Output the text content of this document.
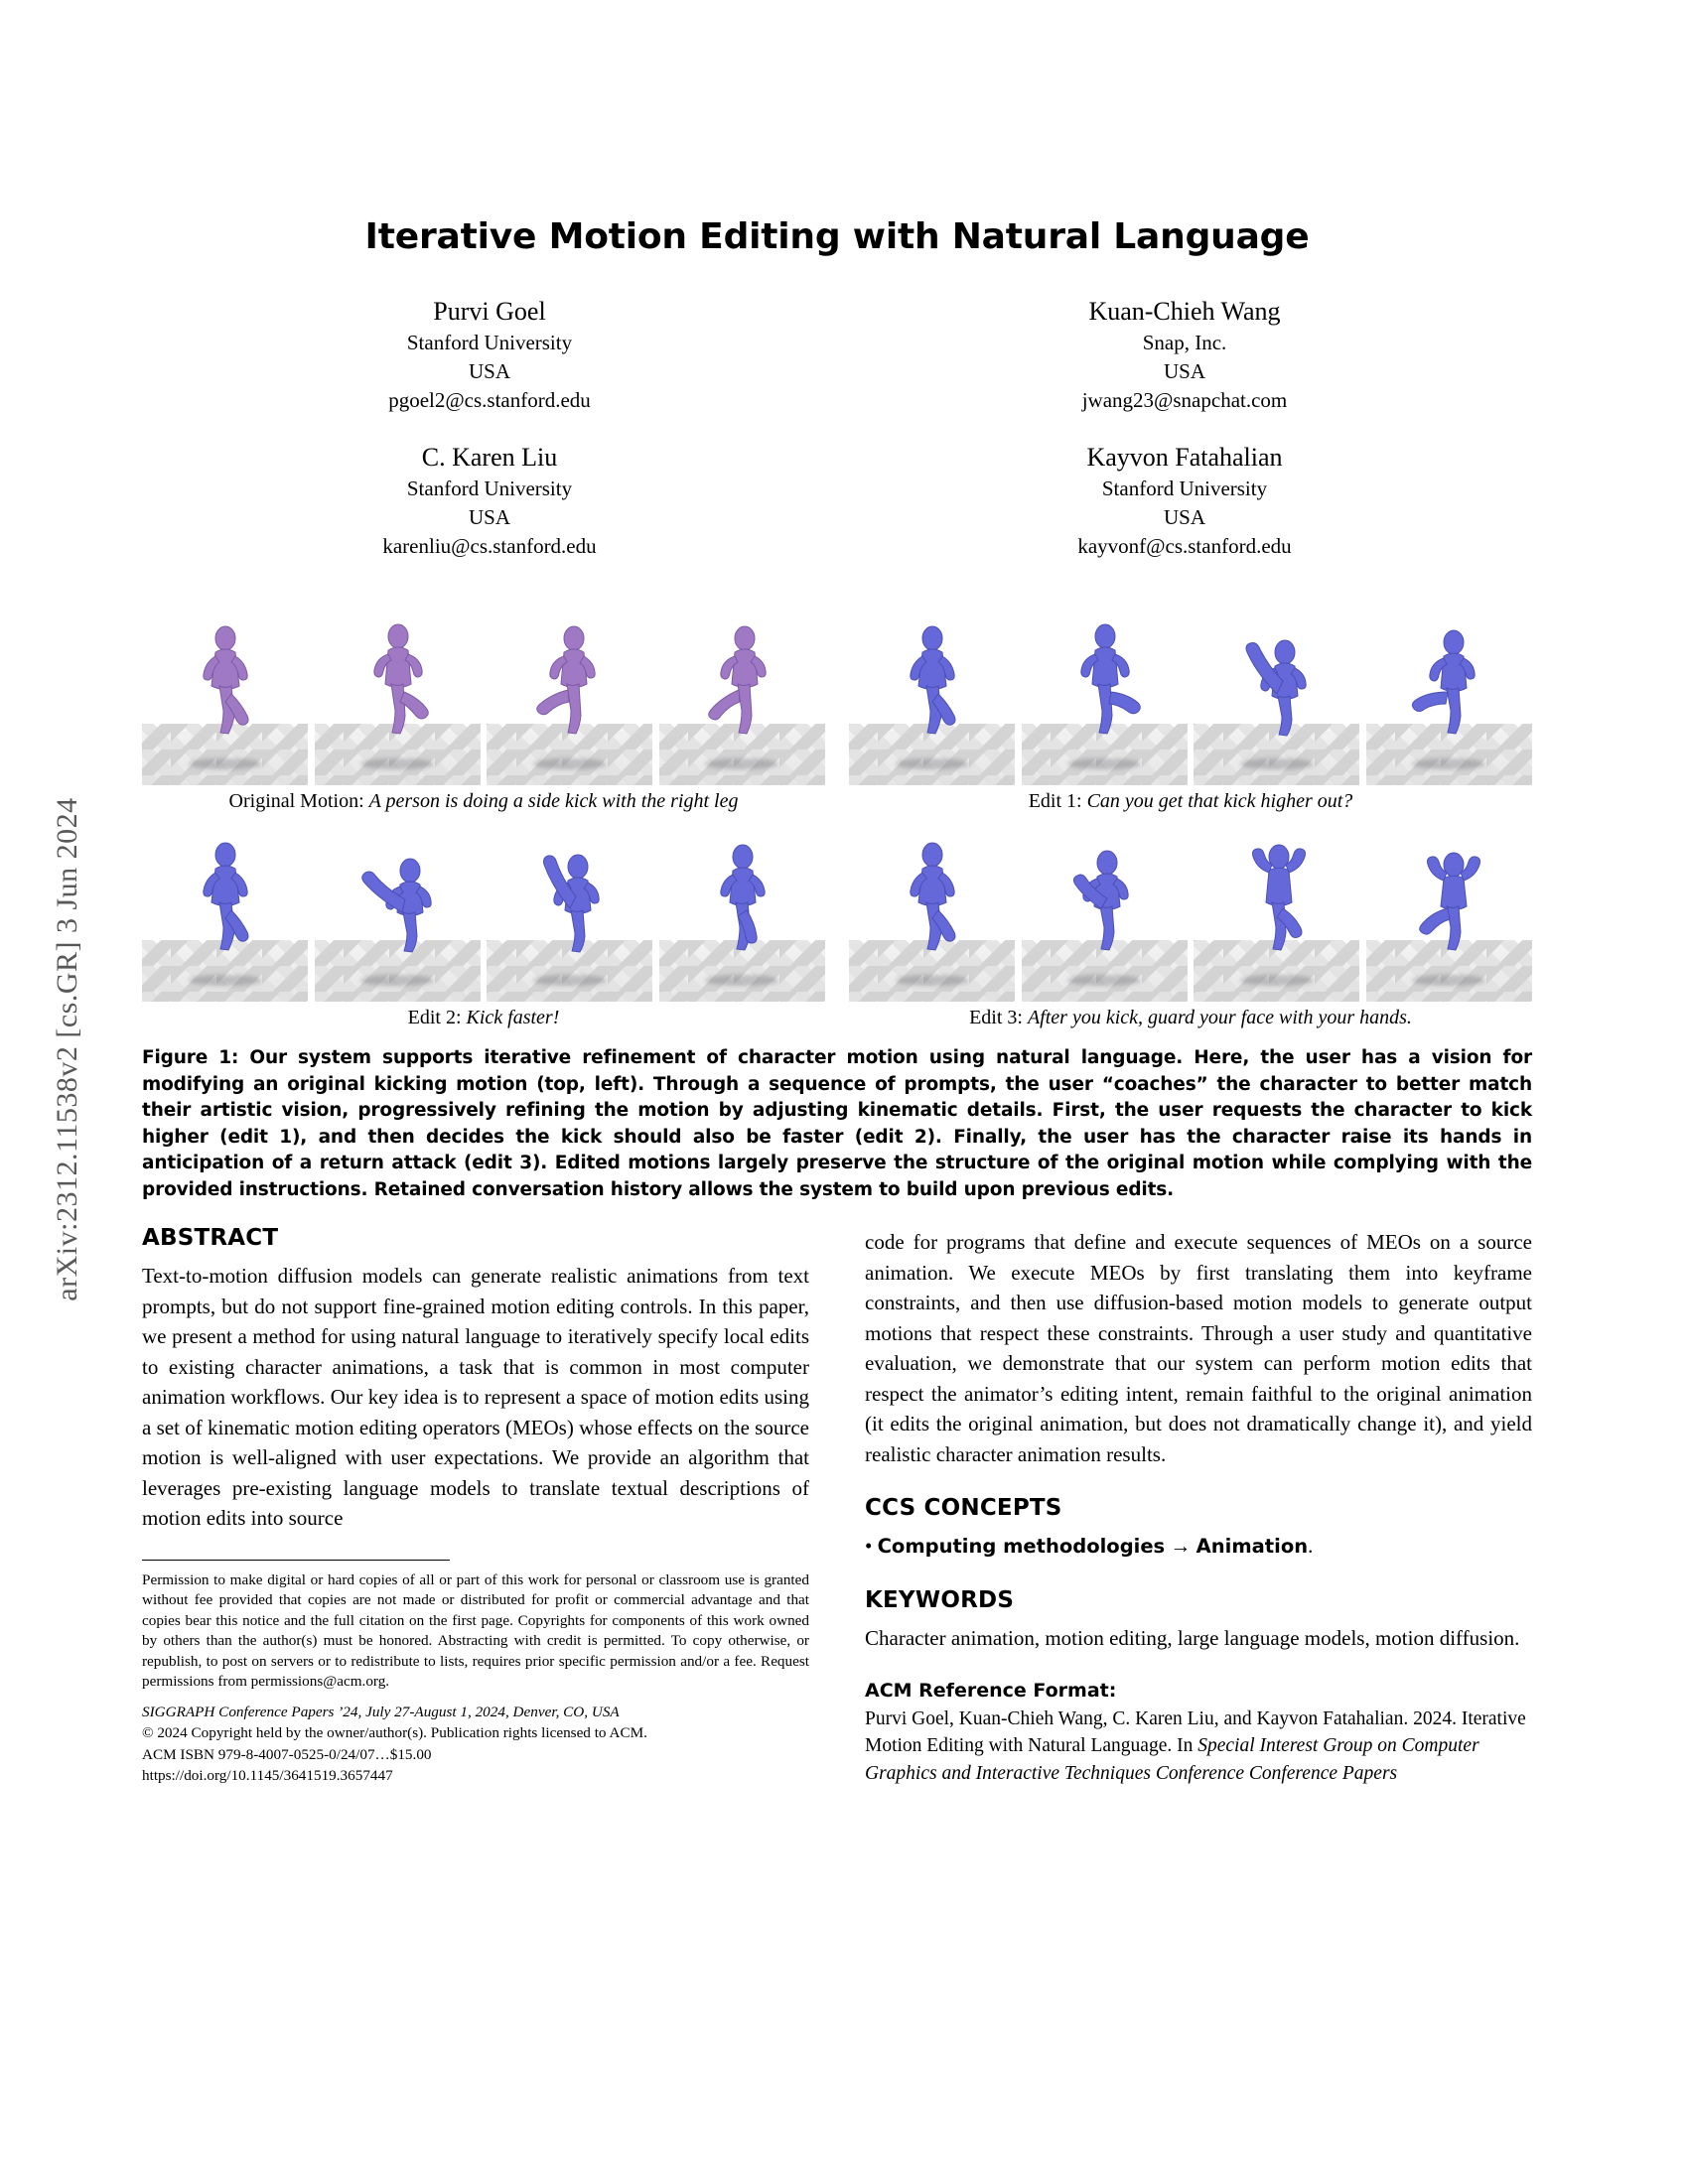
arXiv:2312.11538v2 [cs.GR] 3 Jun 2024
Iterative Motion Editing with Natural Language
Purvi Goel
Stanford University
USA
pgoel2@cs.stanford.edu
Kuan-Chieh Wang
Snap, Inc.
USA
jwang23@snapchat.com
C. Karen Liu
Stanford University
USA
karenliu@cs.stanford.edu
Kayvon Fatahalian
Stanford University
USA
kayvonf@cs.stanford.edu
Original Motion: A person is doing a side kick with the right leg	Edit 1: Can you get that kick higher out?
Edit 2: Kick faster!	Edit 3: After you kick, guard your face with your hands.
Figure 1: Our system supports iterative refinement of character motion using natural language. Here, the user has a vision for modifying an original kicking motion (top, left). Through a sequence of prompts, the user “coaches” the character to better match their artistic vision, progressively refining the motion by adjusting kinematic details. First, the user requests the character to kick higher (edit 1), and then decides the kick should also be faster (edit 2). Finally, the user has the character raise its hands in anticipation of a return attack (edit 3). Edited motions largely preserve the structure of the original motion while complying with the provided instructions. Retained conversation history allows the system to build upon previous edits.
ABSTRACT

Text-to-motion diffusion models can generate realistic animations from text prompts, but do not support fine-grained motion editing controls. In this paper, we present a method for using natural language to iteratively specify local edits to existing character animations, a task that is common in most computer animation workflows. Our key idea is to represent a space of motion edits using a set of kinematic motion editing operators (MEOs) whose effects on the source motion is well-aligned with user expectations. We provide an algorithm that leverages pre-existing language models to translate textual descriptions of motion edits into source

Permission to make digital or hard copies of all or part of this work for personal or classroom use is granted without fee provided that copies are not made or distributed for profit or commercial advantage and that copies bear this notice and the full citation on the first page. Copyrights for components of this work owned by others than the author(s) must be honored. Abstracting with credit is permitted. To copy otherwise, or republish, to post on servers or to redistribute to lists, requires prior specific permission and/or a fee. Request permissions from permissions@acm.org.

SIGGRAPH Conference Papers ’24, July 27-August 1, 2024, Denver, CO, USA
© 2024 Copyright held by the owner/author(s). Publication rights licensed to ACM.
ACM ISBN 979-8-4007-0525-0/24/07…$15.00
https://doi.org/10.1145/3641519.3657447

code for programs that define and execute sequences of MEOs on a source animation. We execute MEOs by first translating them into keyframe constraints, and then use diffusion-based motion models to generate output motions that respect these constraints. Through a user study and quantitative evaluation, we demonstrate that our system can perform motion edits that respect the animator’s editing intent, remain faithful to the original animation (it edits the original animation, but does not dramatically change it), and yield realistic character animation results.

CCS CONCEPTS

• Computing methodologies → Animation.

KEYWORDS

Character animation, motion editing, large language models, motion diffusion.

ACM Reference Format:

Purvi Goel, Kuan-Chieh Wang, C. Karen Liu, and Kayvon Fatahalian. 2024. Iterative Motion Editing with Natural Language. In Special Interest Group on Computer Graphics and Interactive Techniques Conference Conference Papers
